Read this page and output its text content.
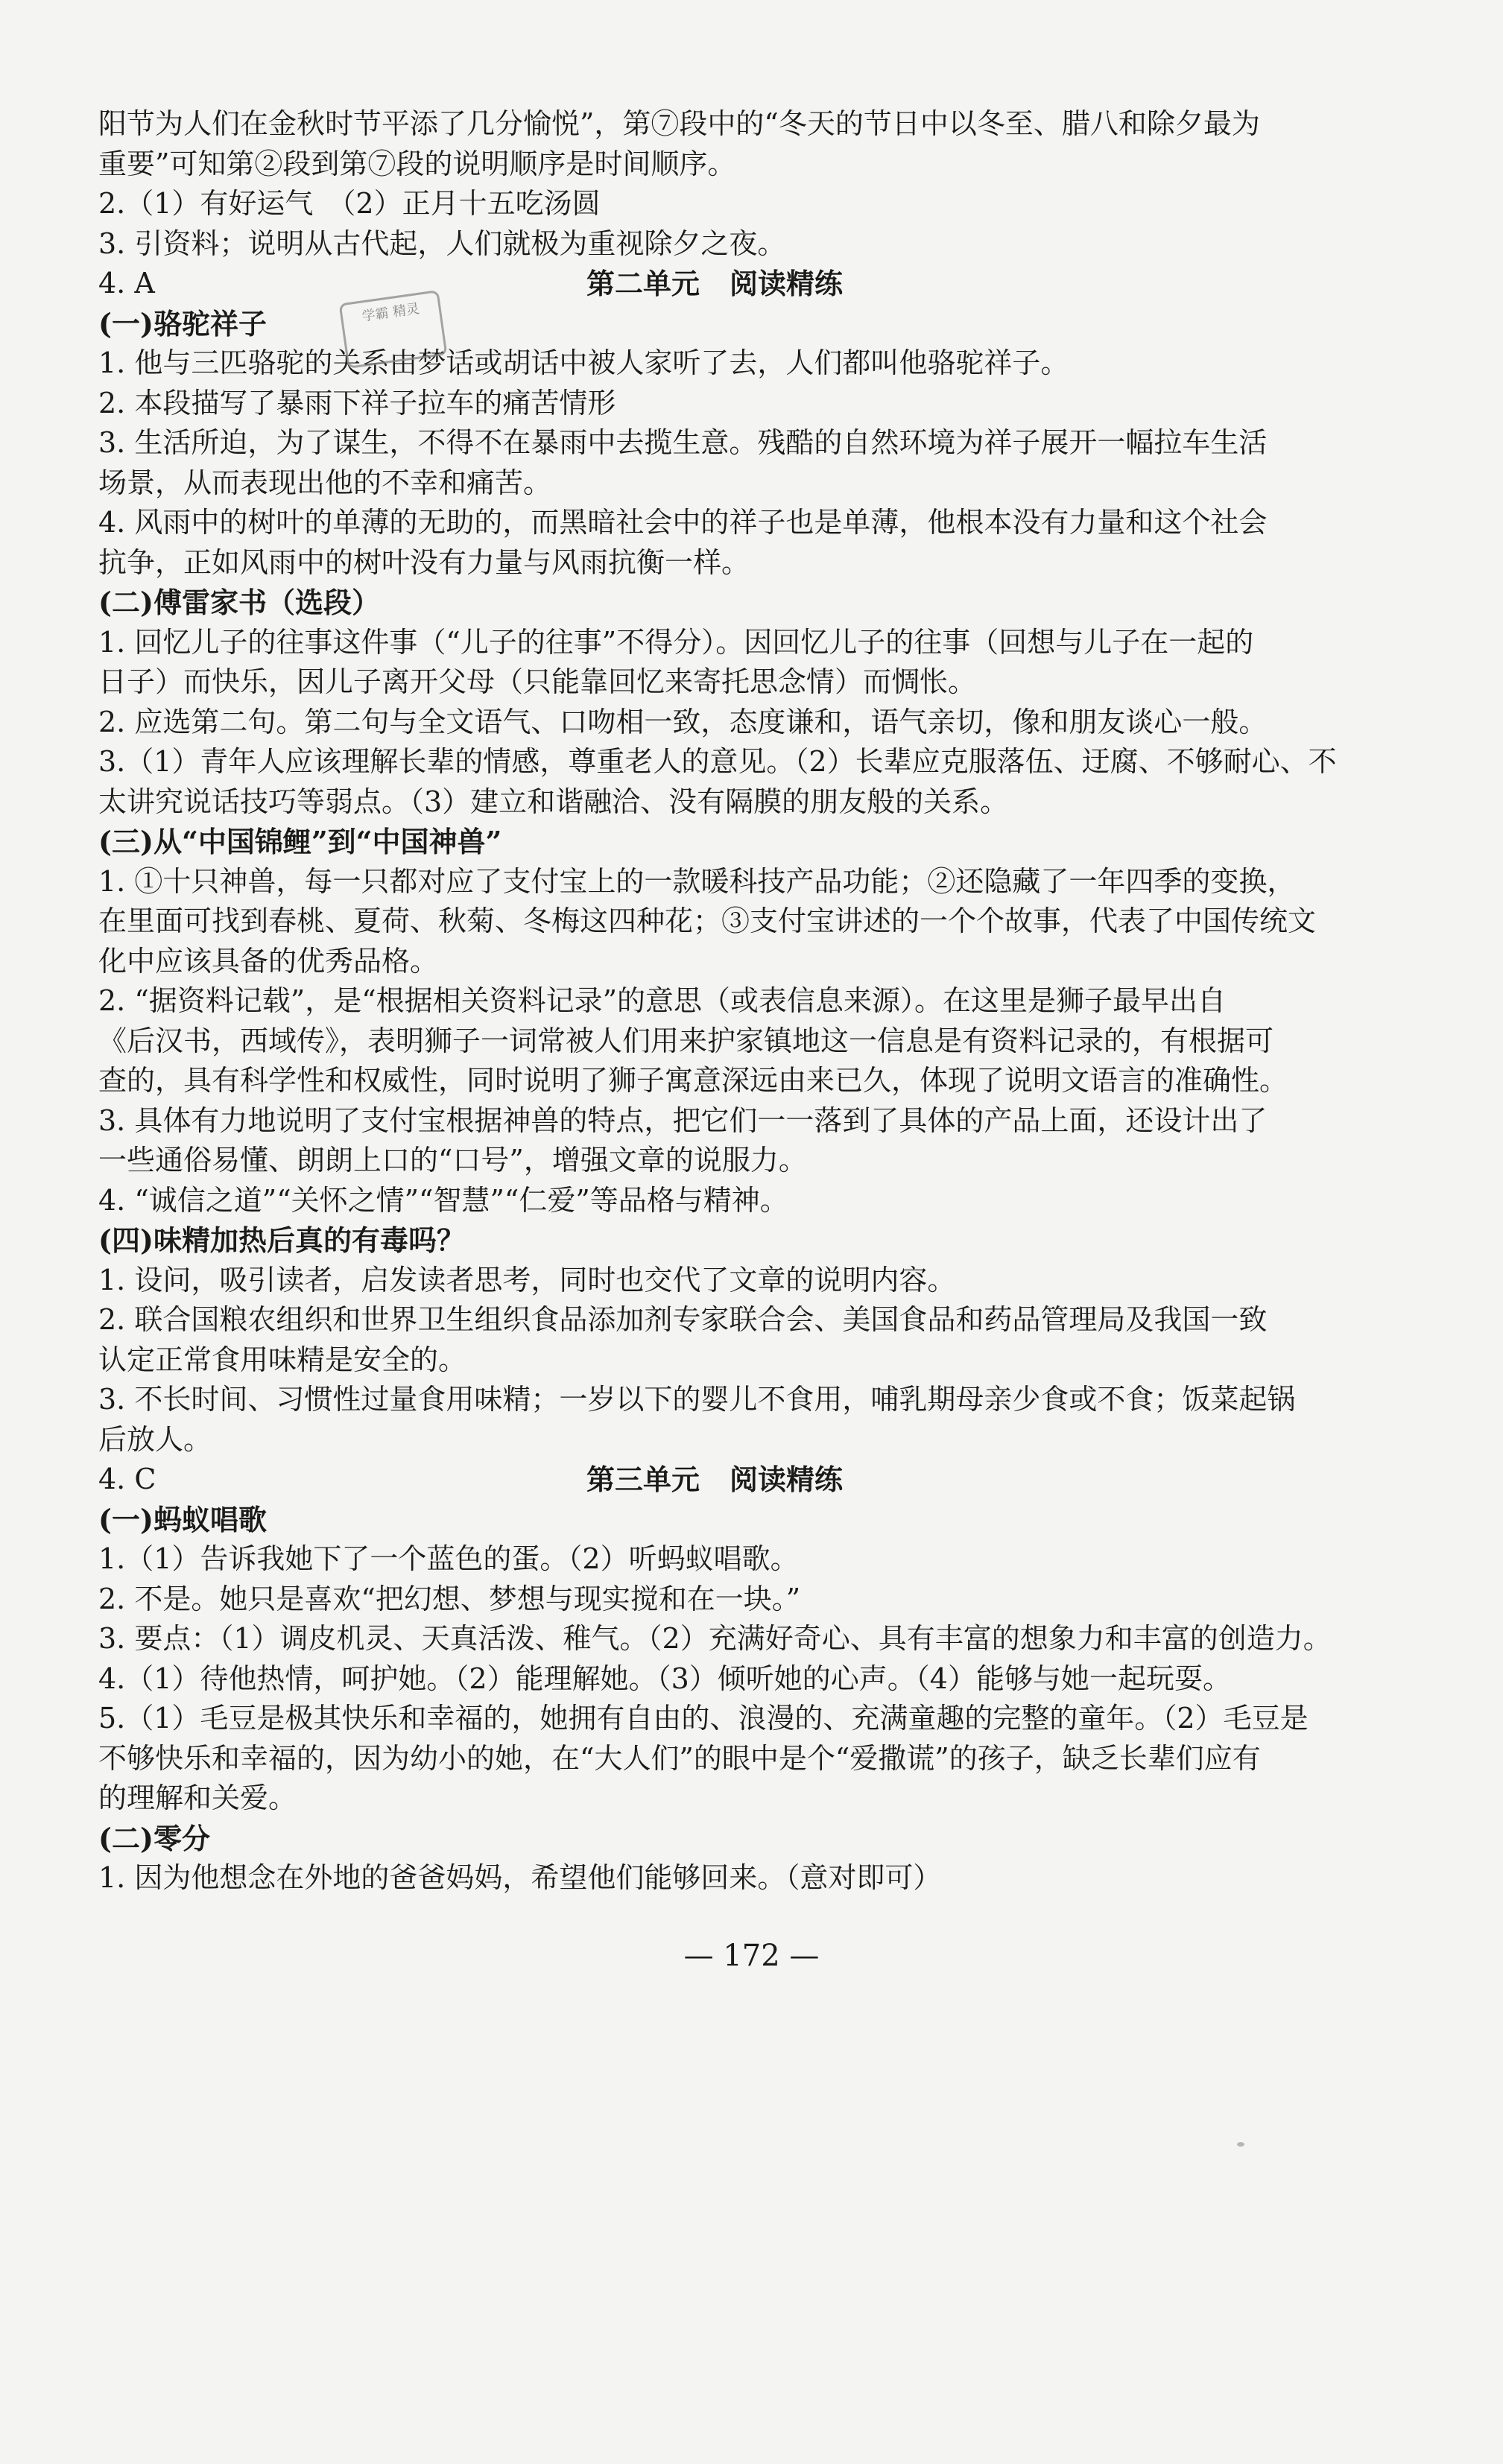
阳节为人们在金秋时节平添了几分愉悦”，第⑦段中的“冬天的节日中以冬至、腊八和除夕最为
重要”可知第②段到第⑦段的说明顺序是时间顺序。
2.（1）有好运气　（2）正月十五吃汤圆
3. 引资料；说明从古代起，人们就极为重视除夕之夜。
4. A	第二单元 阅读精练
(一)骆驼祥子
1. 他与三匹骆驼的关系由梦话或胡话中被人家听了去，人们都叫他骆驼祥子。
2. 本段描写了暴雨下祥子拉车的痛苦情形
3. 生活所迫，为了谋生，不得不在暴雨中去揽生意。残酷的自然环境为祥子展开一幅拉车生活
场景，从而表现出他的不幸和痛苦。
4. 风雨中的树叶的单薄的无助的，而黑暗社会中的祥子也是单薄，他根本没有力量和这个社会
抗争，正如风雨中的树叶没有力量与风雨抗衡一样。
(二)傅雷家书（选段）
1. 回忆儿子的往事这件事（“儿子的往事”不得分）。因回忆儿子的往事（回想与儿子在一起的
日子）而快乐，因儿子离开父母（只能靠回忆来寄托思念情）而惆怅。
2. 应选第二句。第二句与全文语气、口吻相一致，态度谦和，语气亲切，像和朋友谈心一般。
3.（1）青年人应该理解长辈的情感，尊重老人的意见。（2）长辈应克服落伍、迂腐、不够耐心、不
太讲究说话技巧等弱点。（3）建立和谐融洽、没有隔膜的朋友般的关系。
(三)从“中国锦鲤”到“中国神兽”
1. ①十只神兽，每一只都对应了支付宝上的一款暖科技产品功能；②还隐藏了一年四季的变换，
在里面可找到春桃、夏荷、秋菊、冬梅这四种花；③支付宝讲述的一个个故事，代表了中国传统文
化中应该具备的优秀品格。
2. “据资料记载”，是“根据相关资料记录”的意思（或表信息来源）。在这里是狮子最早出自
《后汉书，西域传》，表明狮子一词常被人们用来护家镇地这一信息是有资料记录的，有根据可
查的，具有科学性和权威性，同时说明了狮子寓意深远由来已久，体现了说明文语言的准确性。
3. 具体有力地说明了支付宝根据神兽的特点，把它们一一落到了具体的产品上面，还设计出了
一些通俗易懂、朗朗上口的“口号”，增强文章的说服力。
4. “诚信之道”“关怀之情”“智慧”“仁爱”等品格与精神。
(四)味精加热后真的有毒吗？
1. 设问，吸引读者，启发读者思考，同时也交代了文章的说明内容。
2. 联合国粮农组织和世界卫生组织食品添加剂专家联合会、美国食品和药品管理局及我国一致
认定正常食用味精是安全的。
3. 不长时间、习惯性过量食用味精；一岁以下的婴儿不食用，哺乳期母亲少食或不食；饭菜起锅
后放人。
4. C	第三单元 阅读精练
(一)蚂蚁唱歌
1.（1）告诉我她下了一个蓝色的蛋。（2）听蚂蚁唱歌。
2. 不是。她只是喜欢“把幻想、梦想与现实搅和在一块。”
3. 要点：（1）调皮机灵、天真活泼、稚气。（2）充满好奇心、具有丰富的想象力和丰富的创造力。
4.（1）待他热情，呵护她。（2）能理解她。（3）倾听她的心声。（4）能够与她一起玩耍。
5.（1）毛豆是极其快乐和幸福的，她拥有自由的、浪漫的、充满童趣的完整的童年。（2）毛豆是
不够快乐和幸福的，因为幼小的她，在“大人们”的眼中是个“爱撒谎”的孩子，缺乏长辈们应有
的理解和关爱。
(二)零分
1. 因为他想念在外地的爸爸妈妈，希望他们能够回来。（意对即可）
学霸 精灵
— 172 —
